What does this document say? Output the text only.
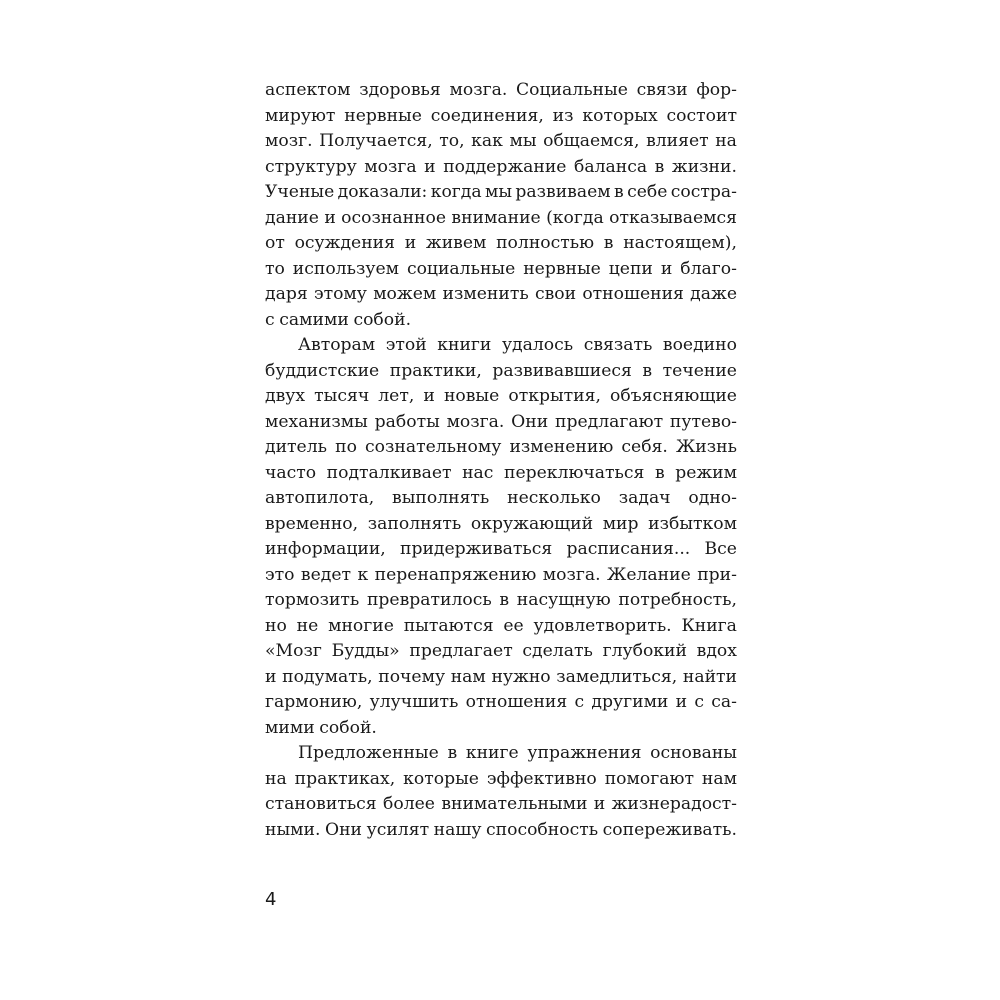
аспектом здоровья мозга. Социальные связи фор-
мируют нервные соединения, из которых состоит
мозг. Получается, то, как мы общаемся, влияет на
структуру мозга и поддержание баланса в жизни.
Ученые доказали: когда мы развиваем в себе состра-
дание и осознанное внимание (когда отказываемся
от осуждения и живем полностью в настоящем),
то используем социальные нервные цепи и благо-
даря этому можем изменить свои отношения даже
с самими собой.
Авторам этой книги удалось связать воедино
буддистские практики, развивавшиеся в течение
двух тысяч лет, и новые открытия, объясняющие
механизмы работы мозга. Они предлагают путево-
дитель по сознательному изменению себя. Жизнь
часто подталкивает нас переключаться в режим
автопилота, выполнять несколько задач одно-
временно, заполнять окружающий мир избытком
информации, придерживаться расписания... Все
это ведет к перенапряжению мозга. Желание при-
тормозить превратилось в насущную потребность,
но не многие пытаются ее удовлетворить. Книга
«Мозг Будды» предлагает сделать глубокий вдох
и подумать, почему нам нужно замедлиться, найти
гармонию, улучшить отношения с другими и с са-
мими собой.
Предложенные в книге упражнения основаны
на практиках, которые эффективно помогают нам
становиться более внимательными и жизнерадост-
ными. Они усилят нашу способность сопереживать.
4
